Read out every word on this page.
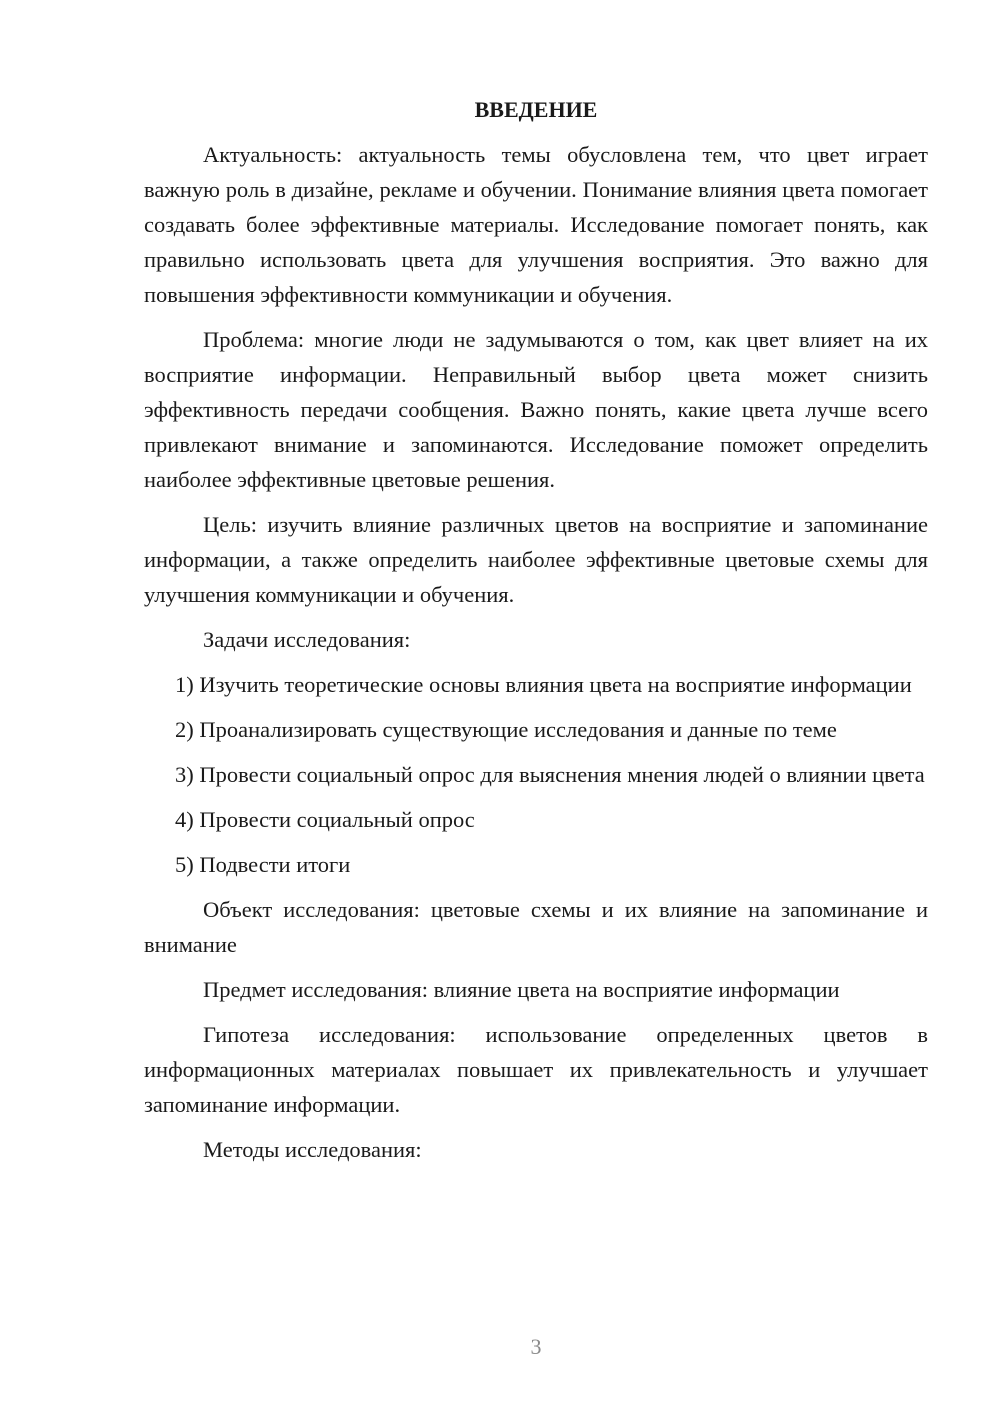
ВВЕДЕНИЕ

Актуальность: актуальность темы обусловлена тем, что цвет играет важную роль в дизайне, рекламе и обучении. Понимание влияния цвета помогает создавать более эффективные материалы. Исследование помогает понять, как правильно использовать цвета для улучшения восприятия. Это важно для повышения эффективности коммуникации и обучения.

Проблема: многие люди не задумываются о том, как цвет влияет на их восприятие информации. Неправильный выбор цвета может снизить эффективность передачи сообщения. Важно понять, какие цвета лучше всего привлекают внимание и запоминаются. Исследование поможет определить наиболее эффективные цветовые решения.

Цель: изучить влияние различных цветов на восприятие и запоминание информации, а также определить наиболее эффективные цветовые схемы для улучшения коммуникации и обучения.

Задачи исследования:

1) Изучить теоретические основы влияния цвета на восприятие информации

2) Проанализировать существующие исследования и данные по теме

3) Провести социальный опрос для выяснения мнения людей о влиянии цвета

4) Провести социальный опрос

5) Подвести итоги

Объект исследования: цветовые схемы и их влияние на запоминание и внимание

Предмет исследования: влияние цвета на восприятие информации

Гипотеза исследования: использование определенных цветов в информационных материалах повышает их привлекательность и улучшает запоминание информации.

Методы исследования:

3
